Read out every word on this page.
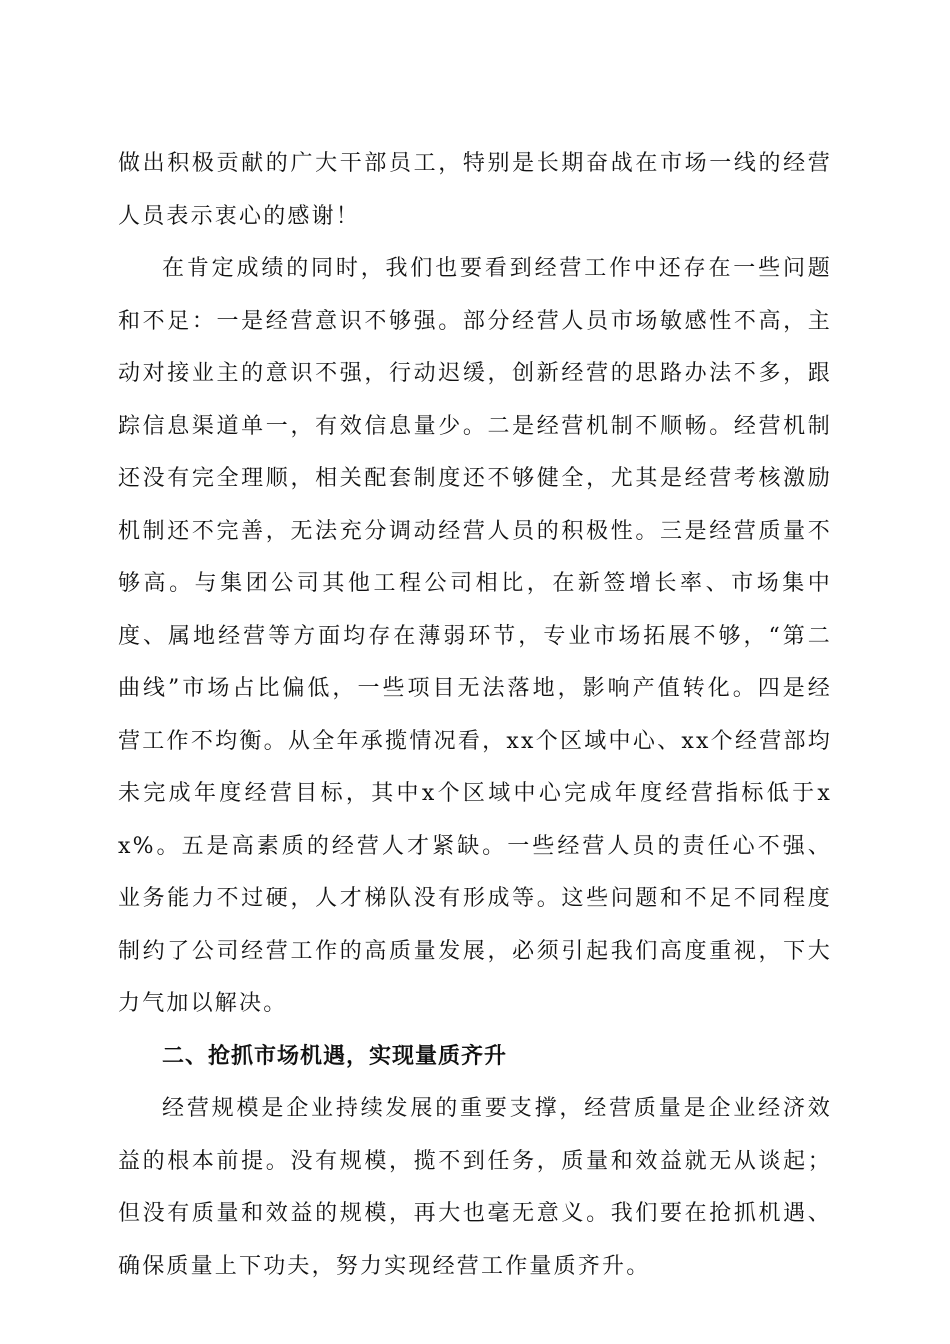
做出积极贡献的广大干部员工，特别是长期奋战在市场一线的经营人员表示衷心的感谢！

在肯定成绩的同时，我们也要看到经营工作中还存在一些问题和不足：一是经营意识不够强。部分经营人员市场敏感性不高，主动对接业主的意识不强，行动迟缓，创新经营的思路办法不多，跟踪信息渠道单一，有效信息量少。二是经营机制不顺畅。经营机制还没有完全理顺，相关配套制度还不够健全，尤其是经营考核激励机制还不完善，无法充分调动经营人员的积极性。三是经营质量不够高。与集团公司其他工程公司相比，在新签增长率、市场集中度、属地经营等方面均存在薄弱环节，专业市场拓展不够，“第二曲线”市场占比偏低，一些项目无法落地，影响产值转化。四是经营工作不均衡。从全年承揽情况看，xx个区域中心、xx个经营部均未完成年度经营目标，其中x个区域中心完成年度经营指标低于xx%。五是高素质的经营人才紧缺。一些经营人员的责任心不强、业务能力不过硬，人才梯队没有形成等。这些问题和不足不同程度制约了公司经营工作的高质量发展，必须引起我们高度重视，下大力气加以解决。

二、抢抓市场机遇，实现量质齐升

经营规模是企业持续发展的重要支撑，经营质量是企业经济效益的根本前提。没有规模，揽不到任务，质量和效益就无从谈起；但没有质量和效益的规模，再大也毫无意义。我们要在抢抓机遇、确保质量上下功夫，努力实现经营工作量质齐升。
